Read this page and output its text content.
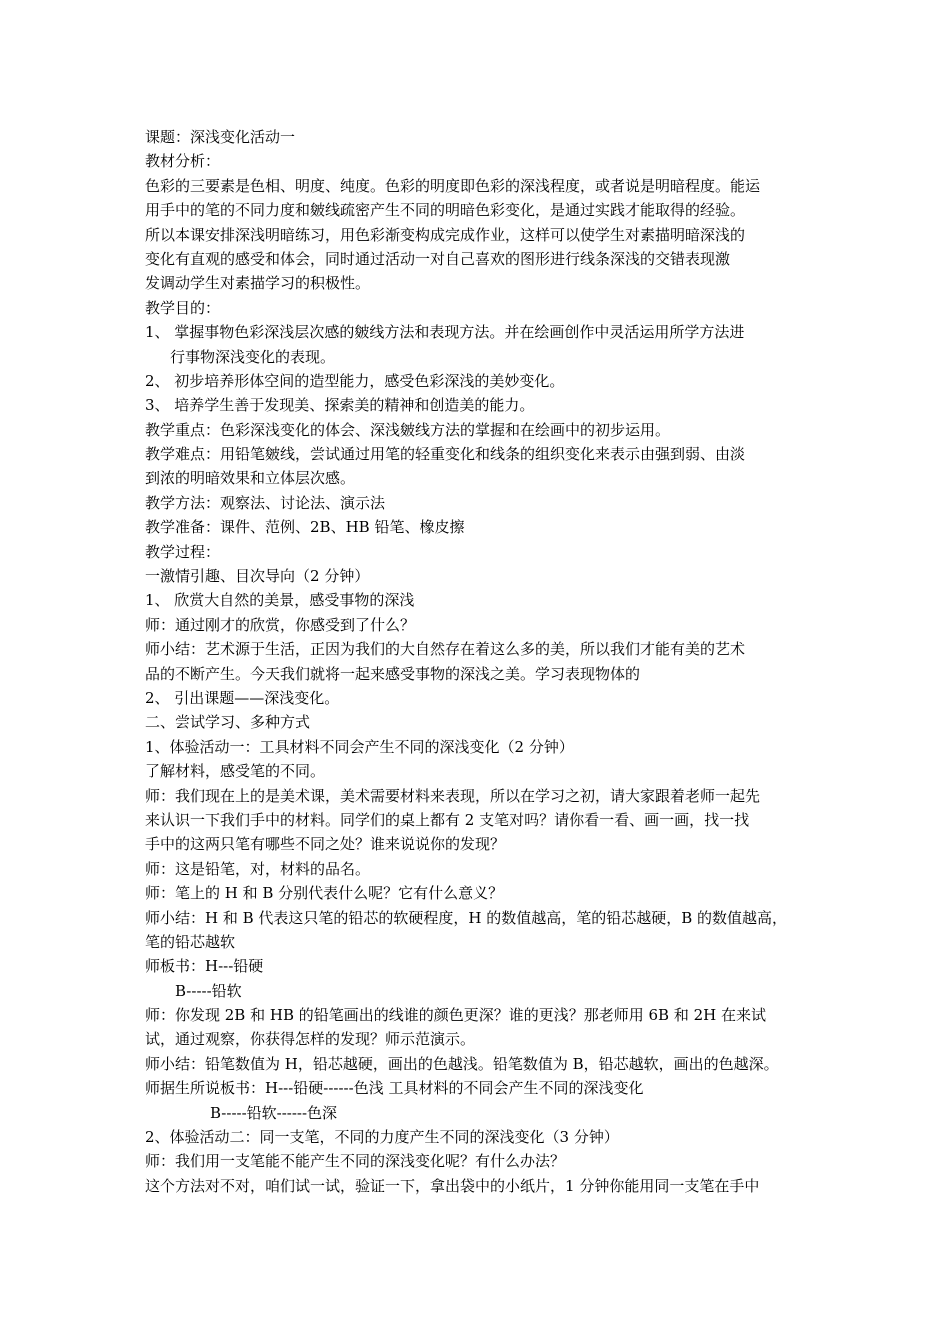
课题：深浅变化活动一
教材分析：
色彩的三要素是色相、明度、纯度。色彩的明度即色彩的深浅程度，或者说是明暗程度。能运
用手中的笔的不同力度和皴线疏密产生不同的明暗色彩变化，是通过实践才能取得的经验。
所以本课安排深浅明暗练习，用色彩渐变构成完成作业，这样可以使学生对素描明暗深浅的
变化有直观的感受和体会，同时通过活动一对自己喜欢的图形进行线条深浅的交错表现激
发调动学生对素描学习的积极性。
教学目的：
1、 掌握事物色彩深浅层次感的皴线方法和表现方法。并在绘画创作中灵活运用所学方法进
行事物深浅变化的表现。
2、 初步培养形体空间的造型能力，感受色彩深浅的美妙变化。
3、 培养学生善于发现美、探索美的精神和创造美的能力。
教学重点：色彩深浅变化的体会、深浅皴线方法的掌握和在绘画中的初步运用。
教学难点：用铅笔皴线，尝试通过用笔的轻重变化和线条的组织变化来表示由强到弱、由淡
到浓的明暗效果和立体层次感。
教学方法：观察法、讨论法、演示法
教学准备：课件、范例、2B、HB 铅笔、橡皮擦
教学过程：
一激情引趣、目次导向（2 分钟）
1、 欣赏大自然的美景，感受事物的深浅
师：通过刚才的欣赏，你感受到了什么？
师小结：艺术源于生活，正因为我们的大自然存在着这么多的美，所以我们才能有美的艺术
品的不断产生。今天我们就将一起来感受事物的深浅之美。学习表现物体的
2、 引出课题——深浅变化。
二、尝试学习、多种方式
1、体验活动一：工具材料不同会产生不同的深浅变化（2 分钟）
了解材料，感受笔的不同。
师：我们现在上的是美术课，美术需要材料来表现，所以在学习之初，请大家跟着老师一起先
来认识一下我们手中的材料。同学们的桌上都有 2 支笔对吗？请你看一看、画一画，找一找
手中的这两只笔有哪些不同之处？谁来说说你的发现？
师：这是铅笔，对，材料的品名。
师：笔上的 H 和 B 分别代表什么呢？它有什么意义？
师小结：H 和 B 代表这只笔的铅芯的软硬程度，H 的数值越高，笔的铅芯越硬，B 的数值越高，
笔的铅芯越软
师板书：H---铅硬
B-----铅软
师：你发现 2B 和 HB 的铅笔画出的线谁的颜色更深？谁的更浅？那老师用 6B 和 2H 在来试
试，通过观察，你获得怎样的发现？师示范演示。
师小结：铅笔数值为 H，铅芯越硬，画出的色越浅。铅笔数值为 B，铅芯越软，画出的色越深。
师据生所说板书：H---铅硬------色浅 工具材料的不同会产生不同的深浅变化
B-----铅软------色深
2、体验活动二：同一支笔，不同的力度产生不同的深浅变化（3 分钟）
师：我们用一支笔能不能产生不同的深浅变化呢？有什么办法？
这个方法对不对，咱们试一试，验证一下，拿出袋中的小纸片，1 分钟你能用同一支笔在手中
